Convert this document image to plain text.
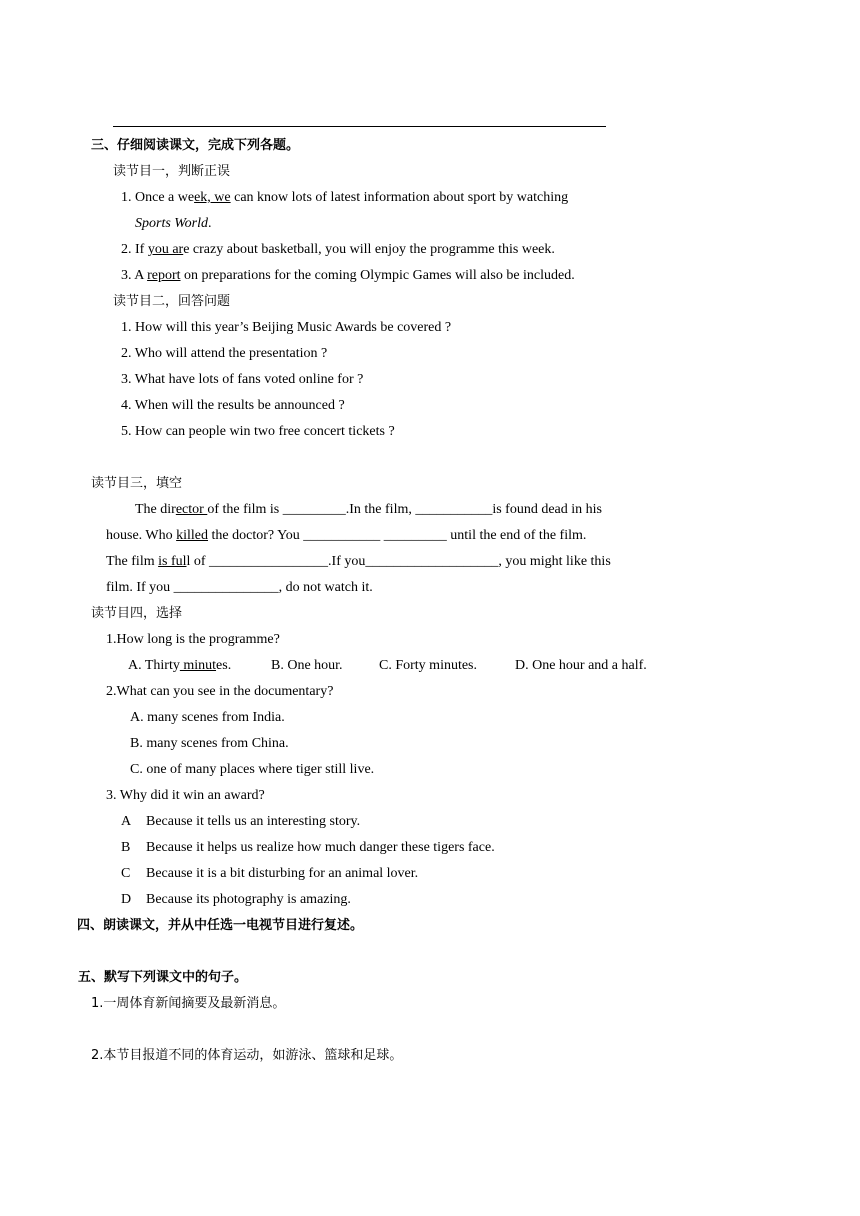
三、仔细阅读课文，完成下列各题。
读节目一，判断正误
1. Once a week, we can know lots of latest information about sport by watching
Sports World.
2. If you are crazy about basketball, you will enjoy the programme this week.
3. A report on preparations for the coming Olympic Games will also be included.
读节目二，回答问题
1. How will this year’s Beijing Music Awards be covered ?
2. Who will attend the presentation ?
3. What have lots of fans voted online for ?
4. When will the results be announced ?
5. How can people win two free concert tickets ?
读节目三，填空
The director of the film is _________.In the film, ___________is found dead in his
house. Who killed the doctor? You ___________ _________ until the end of the film.
The film is full of _________________.If you___________________, you might like this
film. If you _______________, do not watch it.
读节目四，选择
1.How long is the programme?
A. Thirty minutes.	B. One hour.	C. Forty minutes.	D. One hour and a half.
2.What can you see in the documentary?
A. many scenes from India.
B. many scenes from China.
C. one of many places where tiger still live.
3. Why did it win an award?
A Because it tells us an interesting story.
B Because it helps us realize how much danger these tigers face.
C Because it is a bit disturbing for an animal lover.
D Because its photography is amazing.
四、朗读课文，并从中任选一电视节目进行复述。
五、默写下列课文中的句子。
1.一周体育新闻摘要及最新消息。
2.本节目报道不同的体育运动，如游泳、篮球和足球。
